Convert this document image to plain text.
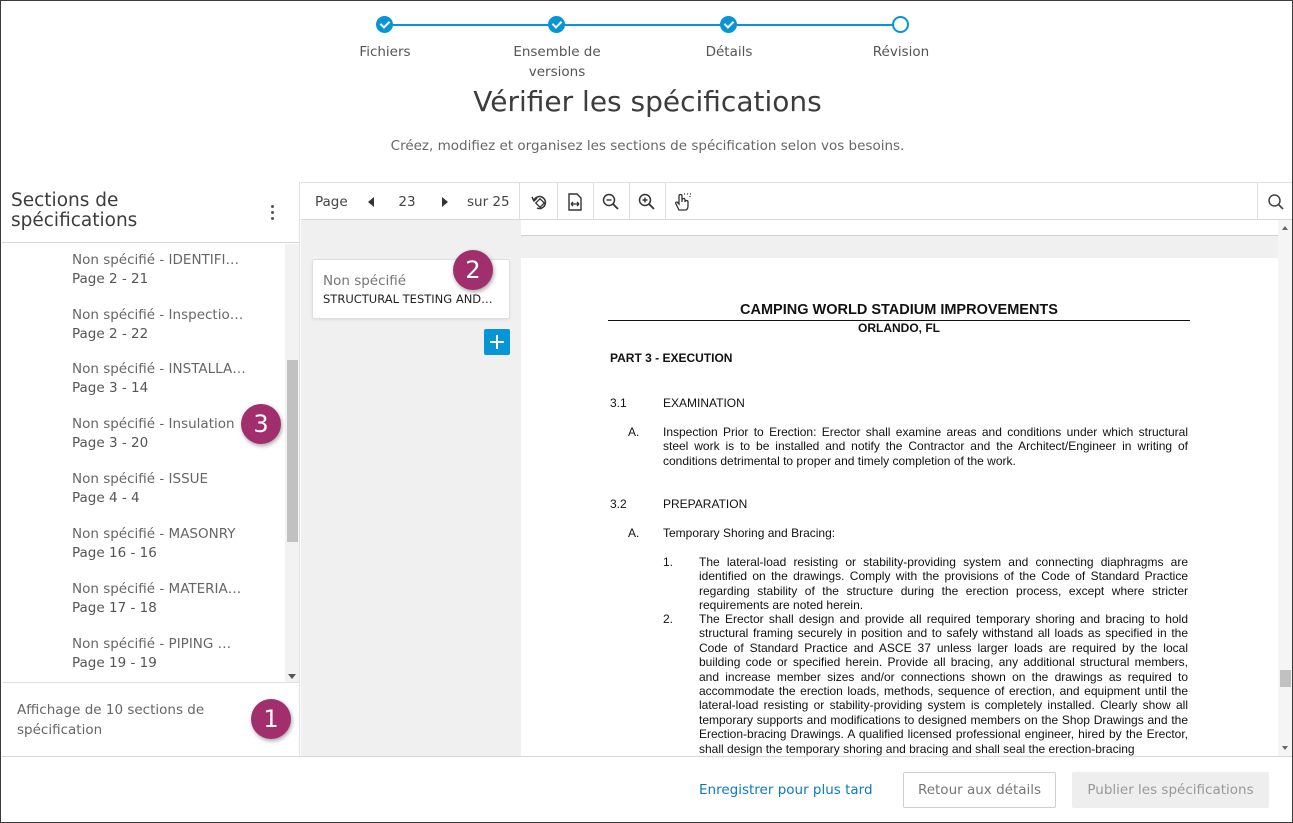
Fichiers	Ensemble de versions
Détails	Révision
Vérifier les spécifications
Créez, modifiez et organisez les sections de spécification selon vos besoins.
Sections de spécifications
Non spécifié - IDENTIFI…
Page 2 - 21
Non spécifié - Inspectio…
Page 2 - 22
Non spécifié - INSTALLA…
Page 3 - 14
Non spécifié - Insulation
Page 3 - 20
Non spécifié - ISSUE
Page 4 - 4
Non spécifié - MASONRY
Page 16 - 16
Non spécifié - MATERIA…
Page 17 - 18
Non spécifié - PIPING …
Page 19 - 19
Affichage de 10 sections de spécification
Page	23	sur 25
Non spécifié
STRUCTURAL TESTING AND…
CAMPING WORLD STADIUM IMPROVEMENTS
ORLANDO, FL
PART 3 - EXECUTION
3.1	EXAMINATION
A. Inspection Prior to Erection: Erector shall examine areas and conditions under which structural steel work is to be installed and notify the Contractor and the Architect/Engineer in writing of conditions detrimental to proper and timely completion of the work.
3.2	PREPARATION
A. Temporary Shoring and Bracing:
1. The lateral-load resisting or stability-providing system and connecting diaphragms are identified on the drawings. Comply with the provisions of the Code of Standard Practice regarding stability of the structure during the erection process, except where stricter requirements are noted herein.
2. The Erector shall design and provide all required temporary shoring and bracing to hold structural framing securely in position and to safely withstand all loads as specified in the Code of Standard Practice and ASCE 37 unless larger loads are required by the local building code or specified herein. Provide all bracing, any additional structural members, and increase member sizes and/or connections shown on the drawings as required to accommodate the erection loads, methods, sequence of erection, and equipment until the lateral-load resisting or stability-providing system is completely installed. Clearly show all temporary supports and modifications to designed members on the Shop Drawings and the Erection-bracing Drawings. A qualified licensed professional engineer, hired by the Erector, shall design the temporary shoring and bracing and shall seal the erection-bracing
Enregistrer pour plus tard	Retour aux détails	Publier les spécifications
1
2
3
